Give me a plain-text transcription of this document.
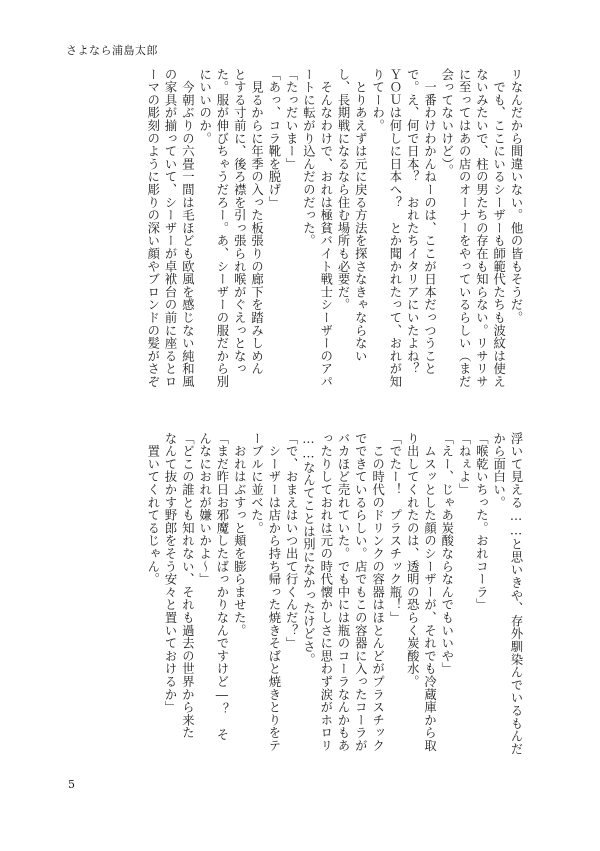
さよなら浦島太郎
リなんだから間違いない。他の皆もそうだ。
　でも、ここにいるシーザーも師範代たちも波紋は使え
ないみたいで、柱の男たちの存在も知らない。リサリサ
に至ってはあの店のオーナーをやっているらしい（まだ
会ってないけど）。
　一番わけわかんねーのは、ここが日本だっつうこと
で。え、何で日本？　おれたちイタリアにいたよね？
ＹＯＵは何しに日本へ？　とか聞かれたって、おれが知
りてーわ。
　とりあえずは元に戻る方法を探さなきゃならない
し、長期戦になるなら住む場所も必要だ。
　そんなわけで、おれは極貧バイト戦士シーザーのアパ
ートに転がり込んだのだった。
「たっだいまー」
「あっ、コラ靴を脱げ」
　見るからに年季の入った板張りの廊下を踏みしめん
とする寸前に、後ろ襟を引っ張られ喉がぐえっとなっ
た。服が伸びちゃうだろー。あ、シーザーの服だから別
にいいのか。
　今朝ぶりの六畳一間は毛ほども欧風を感じない純和風
の家具が揃っていて、シーザーが卓袱台の前に座るとロ
ーマの彫刻のように彫りの深い顔やブロンドの髪がさぞ
浮いて見える……と思いきや、存外馴染んでいるもんだ
から面白い。
「喉乾いちった。おれコーラ」
「ねぇよ」
「えー、じゃあ炭酸ならなんでもいいや」
　ムスッとした顔のシーザーが、それでも冷蔵庫から取
り出してくれたのは、透明の恐らく炭酸水。
「でたー！　プラスチック瓶！」
　この時代のドリンクの容器はほとんどがプラスチック
でできているらしい。店でもこの容器に入ったコーラが
バカほど売れていた。でも中には瓶のコーラなんかもあ
ったりしておれは元の時代懐かしさに思わず涙がホロリ
……なんてことは別になかったけどさ。
「で、おまえはいつ出て行くんだ？」
　シーザーは店から持ち帰った焼きそばと焼きとりをテ
ーブルに並べた。
　おれはぶすっと頬を膨らませた。
「まだ昨日お邪魔したばっかりなんですけど―？　そ
んなにおれが嫌いかよ～」
「どこの誰とも知れない、それも過去の世界から来た
なんて抜かす野郎をそう安々と置いておけるか」
　置いてくれてるじゃん。
5
